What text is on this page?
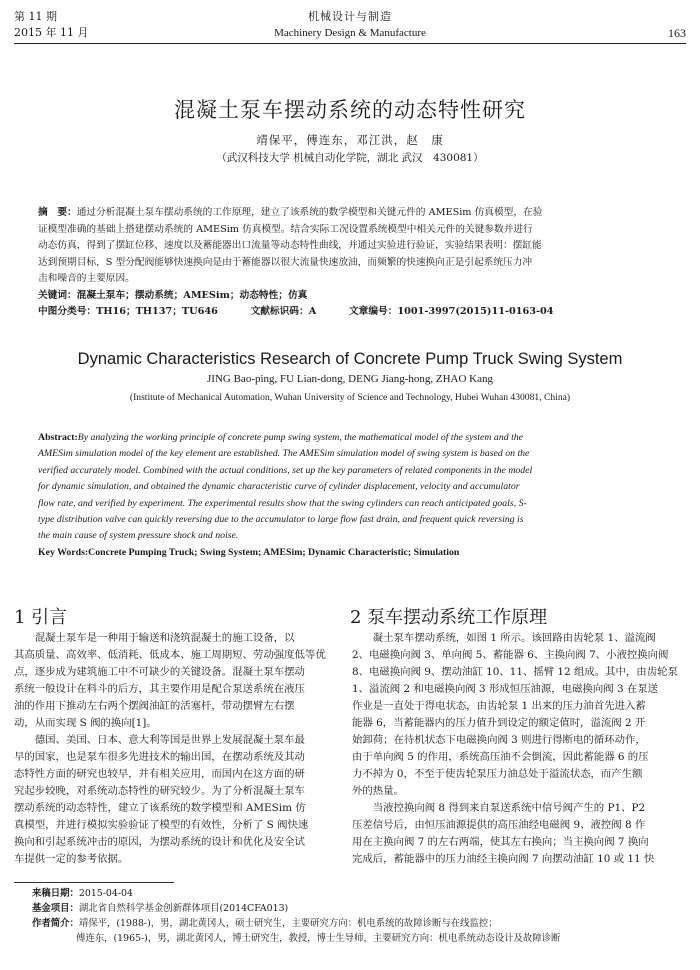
第 11 期
2015 年 11 月
机械设计与制造
Machinery Design & Manufacture	163
混凝土泵车摆动系统的动态特性研究
靖保平，傅连东，邓江洪，赵　康
（武汉科技大学 机械自动化学院，湖北 武汉　430081）
摘　要：通过分析混凝土泵车摆动系统的工作原理，建立了该系统的数学模型和关键元件的 AMESim 仿真模型，在验
证模型准确的基础上搭建摆动系统的 AMESim 仿真模型。结合实际工况设置系统模型中相关元件的关键参数并进行
动态仿真，得到了摆缸位移、速度以及蓄能器出口流量等动态特性曲线，并通过实验进行验证，实验结果表明：摆缸能
达到预期目标，S 型分配阀能够快速换向是由于蓄能器以很大流量快速放油，而频繁的快速换向正是引起系统压力冲
击和噪音的主要原因。
关键词：混凝土泵车；摆动系统；AMESim；动态特性；仿真
中图分类号：TH16；TH137；TU646	文献标识码：A	文章编号：1001-3997(2015)11-0163-04
Dynamic Characteristics Research of Concrete Pump Truck Swing System
JING Bao-ping, FU Lian-dong, DENG Jiang-hong, ZHAO Kang
(Institute of Mechanical Automation, Wuhan University of Science and Technology, Hubei Wuhan 430081, China)
Abstract:By analyzing the working principle of concrete pump swing system, the mathematical model of the system and the
AMESim simulation model of the key element are established. The AMESim simulation model of swing system is based on the
verified accurately model. Combined with the actual conditions, set up the key parameters of related components in the model
for dynamic simulation, and obtained the dynamic characteristic curve of cylinder displacement, velocity and accumulator
flow rate, and verified by experiment. The experimental results show that the swing cylinders can reach anticipated goals, S-
type distribution valve can quickly reversing due to the accumulator to large flow fast drain, and frequent quick reversing is
the main cause of system pressure shock and noise.
Key Words:Concrete Pumping Truck; Swing System; AMESim; Dynamic Characteristic; Simulation
1 引言
　　混凝土泵车是一种用于输送和浇筑混凝土的施工设备，以
其高质量、高效率、低消耗、低成本、施工周期短、劳动强度低等优
点，逐步成为建筑施工中不可缺少的关键设备。混凝土泵车摆动
系统一般设计在料斗的后方，其主要作用是配合泵送系统在液压
油的作用下推动左右两个摆阀油缸的活塞杆，带动摆臂左右摆
动，从而实现 S 阀的换向[1]。
　　德国、美国、日本、意大利等国是世界上发展混凝土泵车最
早的国家，也是泵车很多先进技术的输出国，在摆动系统及其动
态特性方面的研究也较早，并有相关应用，而国内在这方面的研
究起步较晚，对系统动态特性的研究较少。为了分析混凝土泵车
摆动系统的动态特性，建立了该系统的数学模型和 AMESim 仿
真模型，并进行模拟实验验证了模型的有效性，分析了 S 阀快速
换向和引起系统冲击的原因，为摆动系统的设计和优化及安全试
车提供一定的参考依据。
2 泵车摆动系统工作原理
　　凝土泵车摆动系统，如图 1 所示。该回路由齿轮泵 1、溢流阀
2、电磁换向阀 3、单向阀 5、蓄能器 6、主换向阀 7、小液控换向阀
8、电磁换向阀 9、摆动油缸 10、11、摇臂 12 组成。其中，由齿轮泵
1、溢流阀 2 和电磁换向阀 3 形成恒压油源，电磁换向阀 3 在泵送
作业是一直处于得电状态，由齿轮泵 1 出来的压力油首先进入蓄
能器 6，当蓄能器内的压力值升到设定的额定值时，溢流阀 2 开
始卸荷；在待机状态下电磁换向阀 3 则进行得断电的循环动作，
由于单向阀 5 的作用，系统高压油不会倒流，因此蓄能器 6 的压
力不掉为 0，不至于使齿轮泵压力油总处于溢流状态，而产生额
外的热量。
　　当液控换向阀 8 得到来自泵送系统中信号阀产生的 P1、P2
压差信号后，由恒压油源提供的高压油经电磁阀 9、液控阀 8 作
用在主换向阀 7 的左右两端，使其左右换向；当主换向阀 7 换向
完成后，蓄能器中的压力油经主换向阀 7 向摆动油缸 10 或 11 快
来稿日期：2015-04-04
基金项目：湖北省自然科学基金创新群体项目(2014CFA013)
作者简介：靖保平，(1988-)，男，湖北黄冈人，硕士研究生，主要研究方向：机电系统的故障诊断与在线监控；
傅连东，(1965-)，男，湖北黄冈人，博士研究生，教授，博士生导师，主要研究方向：机电系统动态设计及故障诊断
